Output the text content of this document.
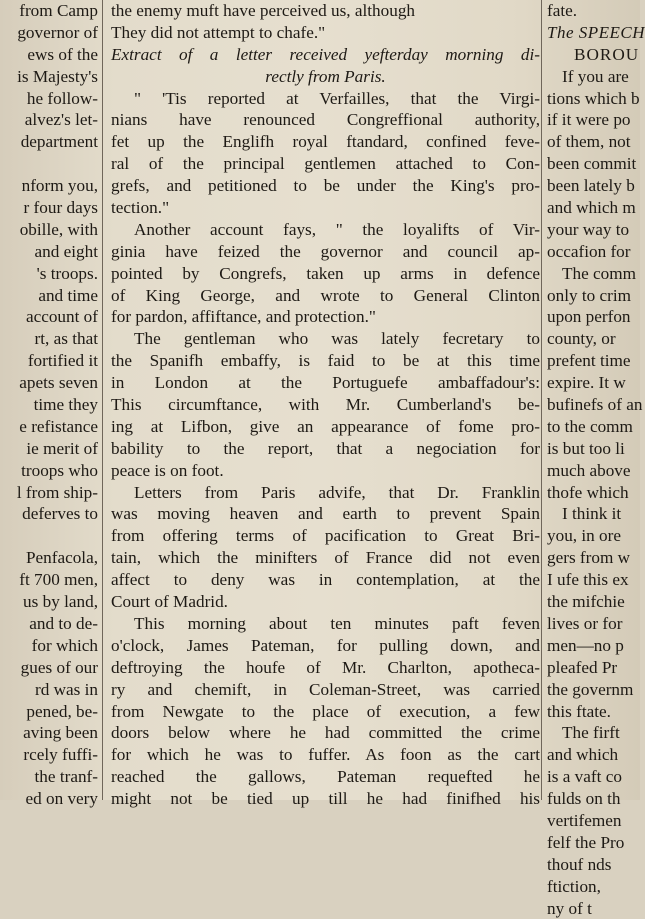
from Camp
governor of
ews of the
is Majesty's
he follow-
alvez's let-
department

nform you,
r four days
obille, with
and eight
's troops.
and time
account of
rt, as that
fortified it
apets seven
time they
e refistance
ie merit of
troops who
l from ship-
deferves to

Penfacola,
ft 700 men,
us by land,
and to de-
for which
gues of our
rd was in
pened, be-
aving been
rcely fuffi-
the tranf-
ed on very
the enemy muft have perceived us, although
They did not attempt to chafe."
Extract of a letter received yefterday morning di-
rectly from Paris.
" 'Tis reported at Verfailles, that the Virgi-
nians have renounced Congreffional authority,
fet up the Englifh royal ftandard, confined feve-
ral of the principal gentlemen attached to Con-
grefs, and petitioned to be under the King's pro-
tection."
Another account fays, " the loyalifts of Vir-
ginia have feized the governor and council ap-
pointed by Congrefs, taken up arms in defence
of King George, and wrote to General Clinton
for pardon, affiftance, and protection."
The gentleman who was lately fecretary to
the Spanifh embaffy, is faid to be at this time
in London at the Portuguefe ambaffadour's:
This circumftance, with Mr. Cumberland's be-
ing at Lifbon, give an appearance of fome pro-
bability to the report, that a negociation for
peace is on foot.
Letters from Paris advife, that Dr. Franklin
was moving heaven and earth to prevent Spain
from offering terms of pacification to Great Bri-
tain, which the minifters of France did not even
affect to deny was in contemplation, at the
Court of Madrid.
This morning about ten minutes paft feven
o'clock, James Pateman, for pulling down, and
deftroying the houfe of Mr. Charlton, apotheca-
ry and chemift, in Coleman-Street, was carried
from Newgate to the place of execution, a few
doors below where he had committed the crime
for which he was to fuffer. As foon as the cart
reached the gallows, Pateman requefted he
might not be tied up till he had finifhed his
fate.
The SPEECH
BOROU
If you are
tions which b
if it were po
of them, not
been commit
been lately b
and which m
your way to
occafion for
The comm
only to crim
upon perfon
county, or
prefent time
expire. It w
bufinefs of an
to the comm
is but too li
much above
thofe which
I think it
you, in ore
gers from w
I ufe this ex
the mifchie
lives or for
men—no p
pleafed Pr
the governm
this ftate.
The firft
and which
is a vaft co
fulds on th
vertifemen
felf the Pro
thouf nds
ftiction,
ny of t
